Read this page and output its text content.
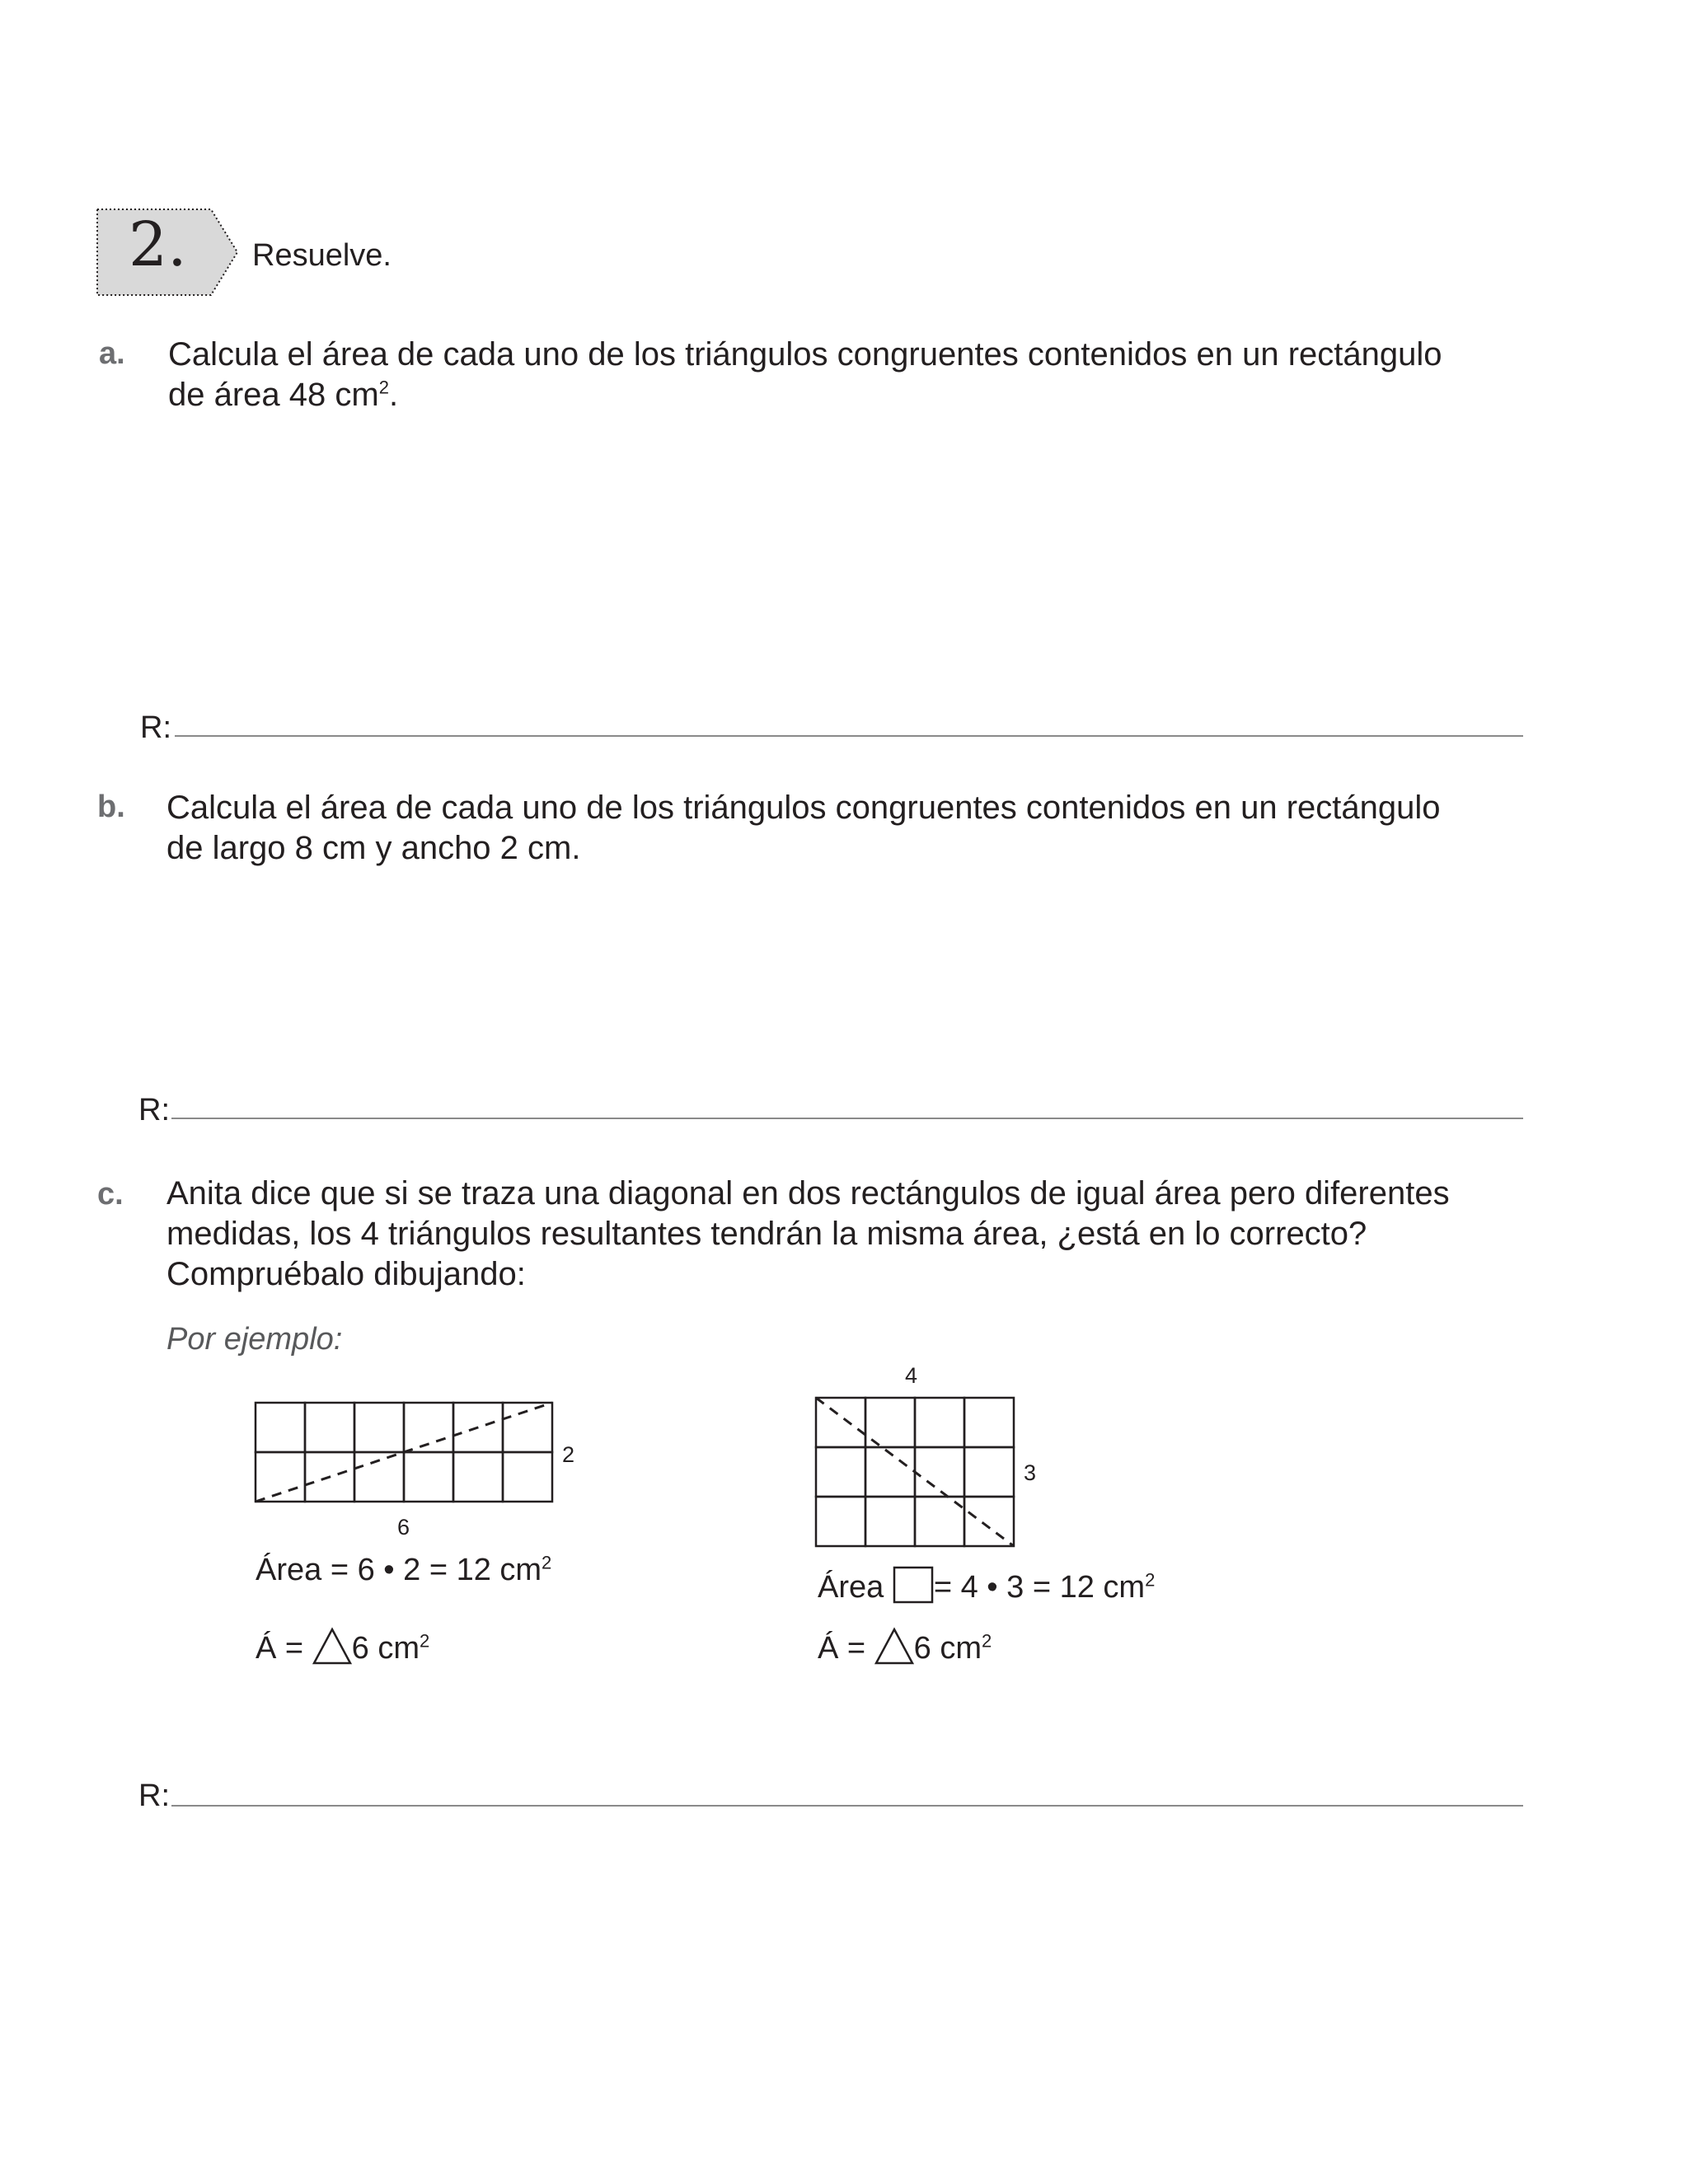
2. Resuelve.
a. Calcula el área de cada uno de los triángulos congruentes contenidos en un rectángulo
de área 48 $cm^2$.
R:
b. Calcula el área de cada uno de los triángulos congruentes contenidos en un rectángulo
de largo 8 cm y ancho 2 cm.
R:
c. Anita dice que si se traza una diagonal en dos rectángulos de igual área pero diferentes
medidas, los 4 triángulos resultantes tendrán la misma área, ¿está en lo correcto?
Compruébalo dibujando:
Por ejemplo:
2
6
Área = 6 • 2 = 12 $cm^2$
Á = 6 $cm^2$
4
3
Área = 4 • 3 = 12 $cm^2$
Á = 6 $cm^2$
R:
